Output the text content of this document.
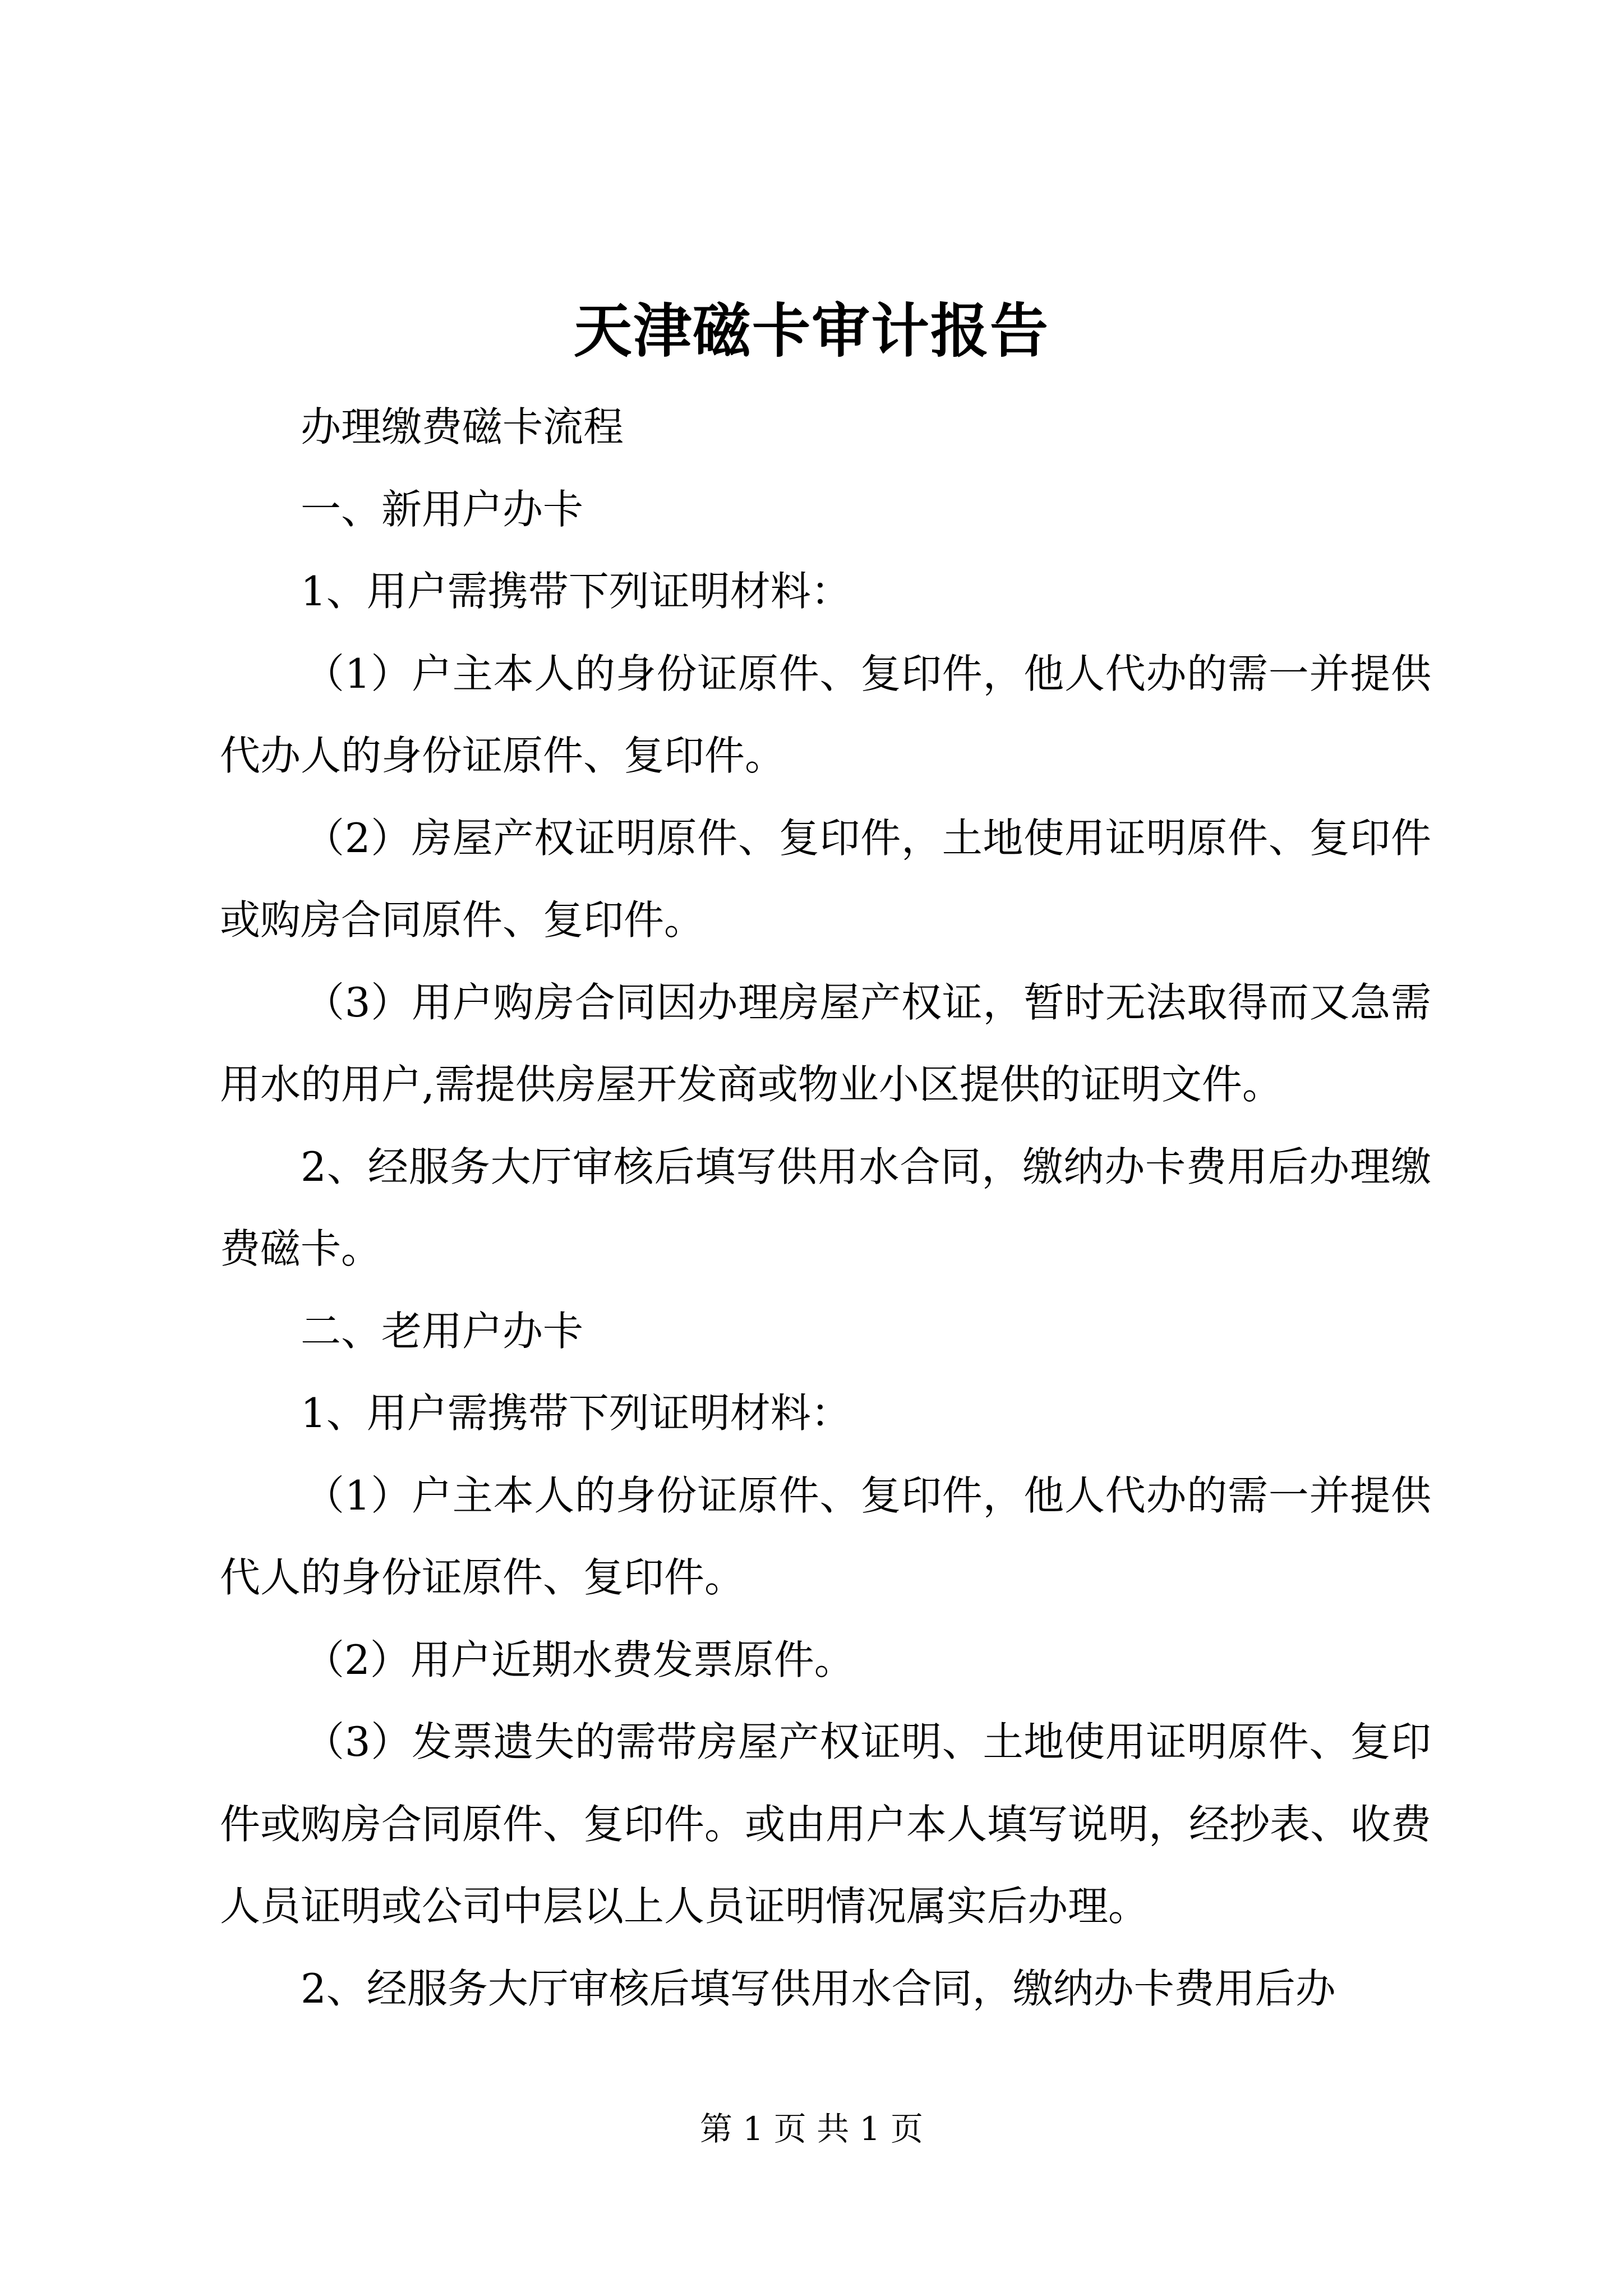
天津磁卡审计报告

办理缴费磁卡流程

一、新用户办卡

1、用户需携带下列证明材料：

（1）户主本人的身份证原件、复印件，他人代办的需一并提供代办人的身份证原件、复印件。

（2）房屋产权证明原件、复印件，土地使用证明原件、复印件或购房合同原件、复印件。

（3）用户购房合同因办理房屋产权证，暂时无法取得而又急需用水的用户,需提供房屋开发商或物业小区提供的证明文件。

2、经服务大厅审核后填写供用水合同，缴纳办卡费用后办理缴费磁卡。

二、老用户办卡

1、用户需携带下列证明材料：

（1）户主本人的身份证原件、复印件，他人代办的需一并提供代人的身份证原件、复印件。

（2）用户近期水费发票原件。

（3）发票遗失的需带房屋产权证明、土地使用证明原件、复印件或购房合同原件、复印件。或由用户本人填写说明，经抄表、收费人员证明或公司中层以上人员证明情况属实后办理。

2、经服务大厅审核后填写供用水合同，缴纳办卡费用后办

第 1 页 共 1 页
